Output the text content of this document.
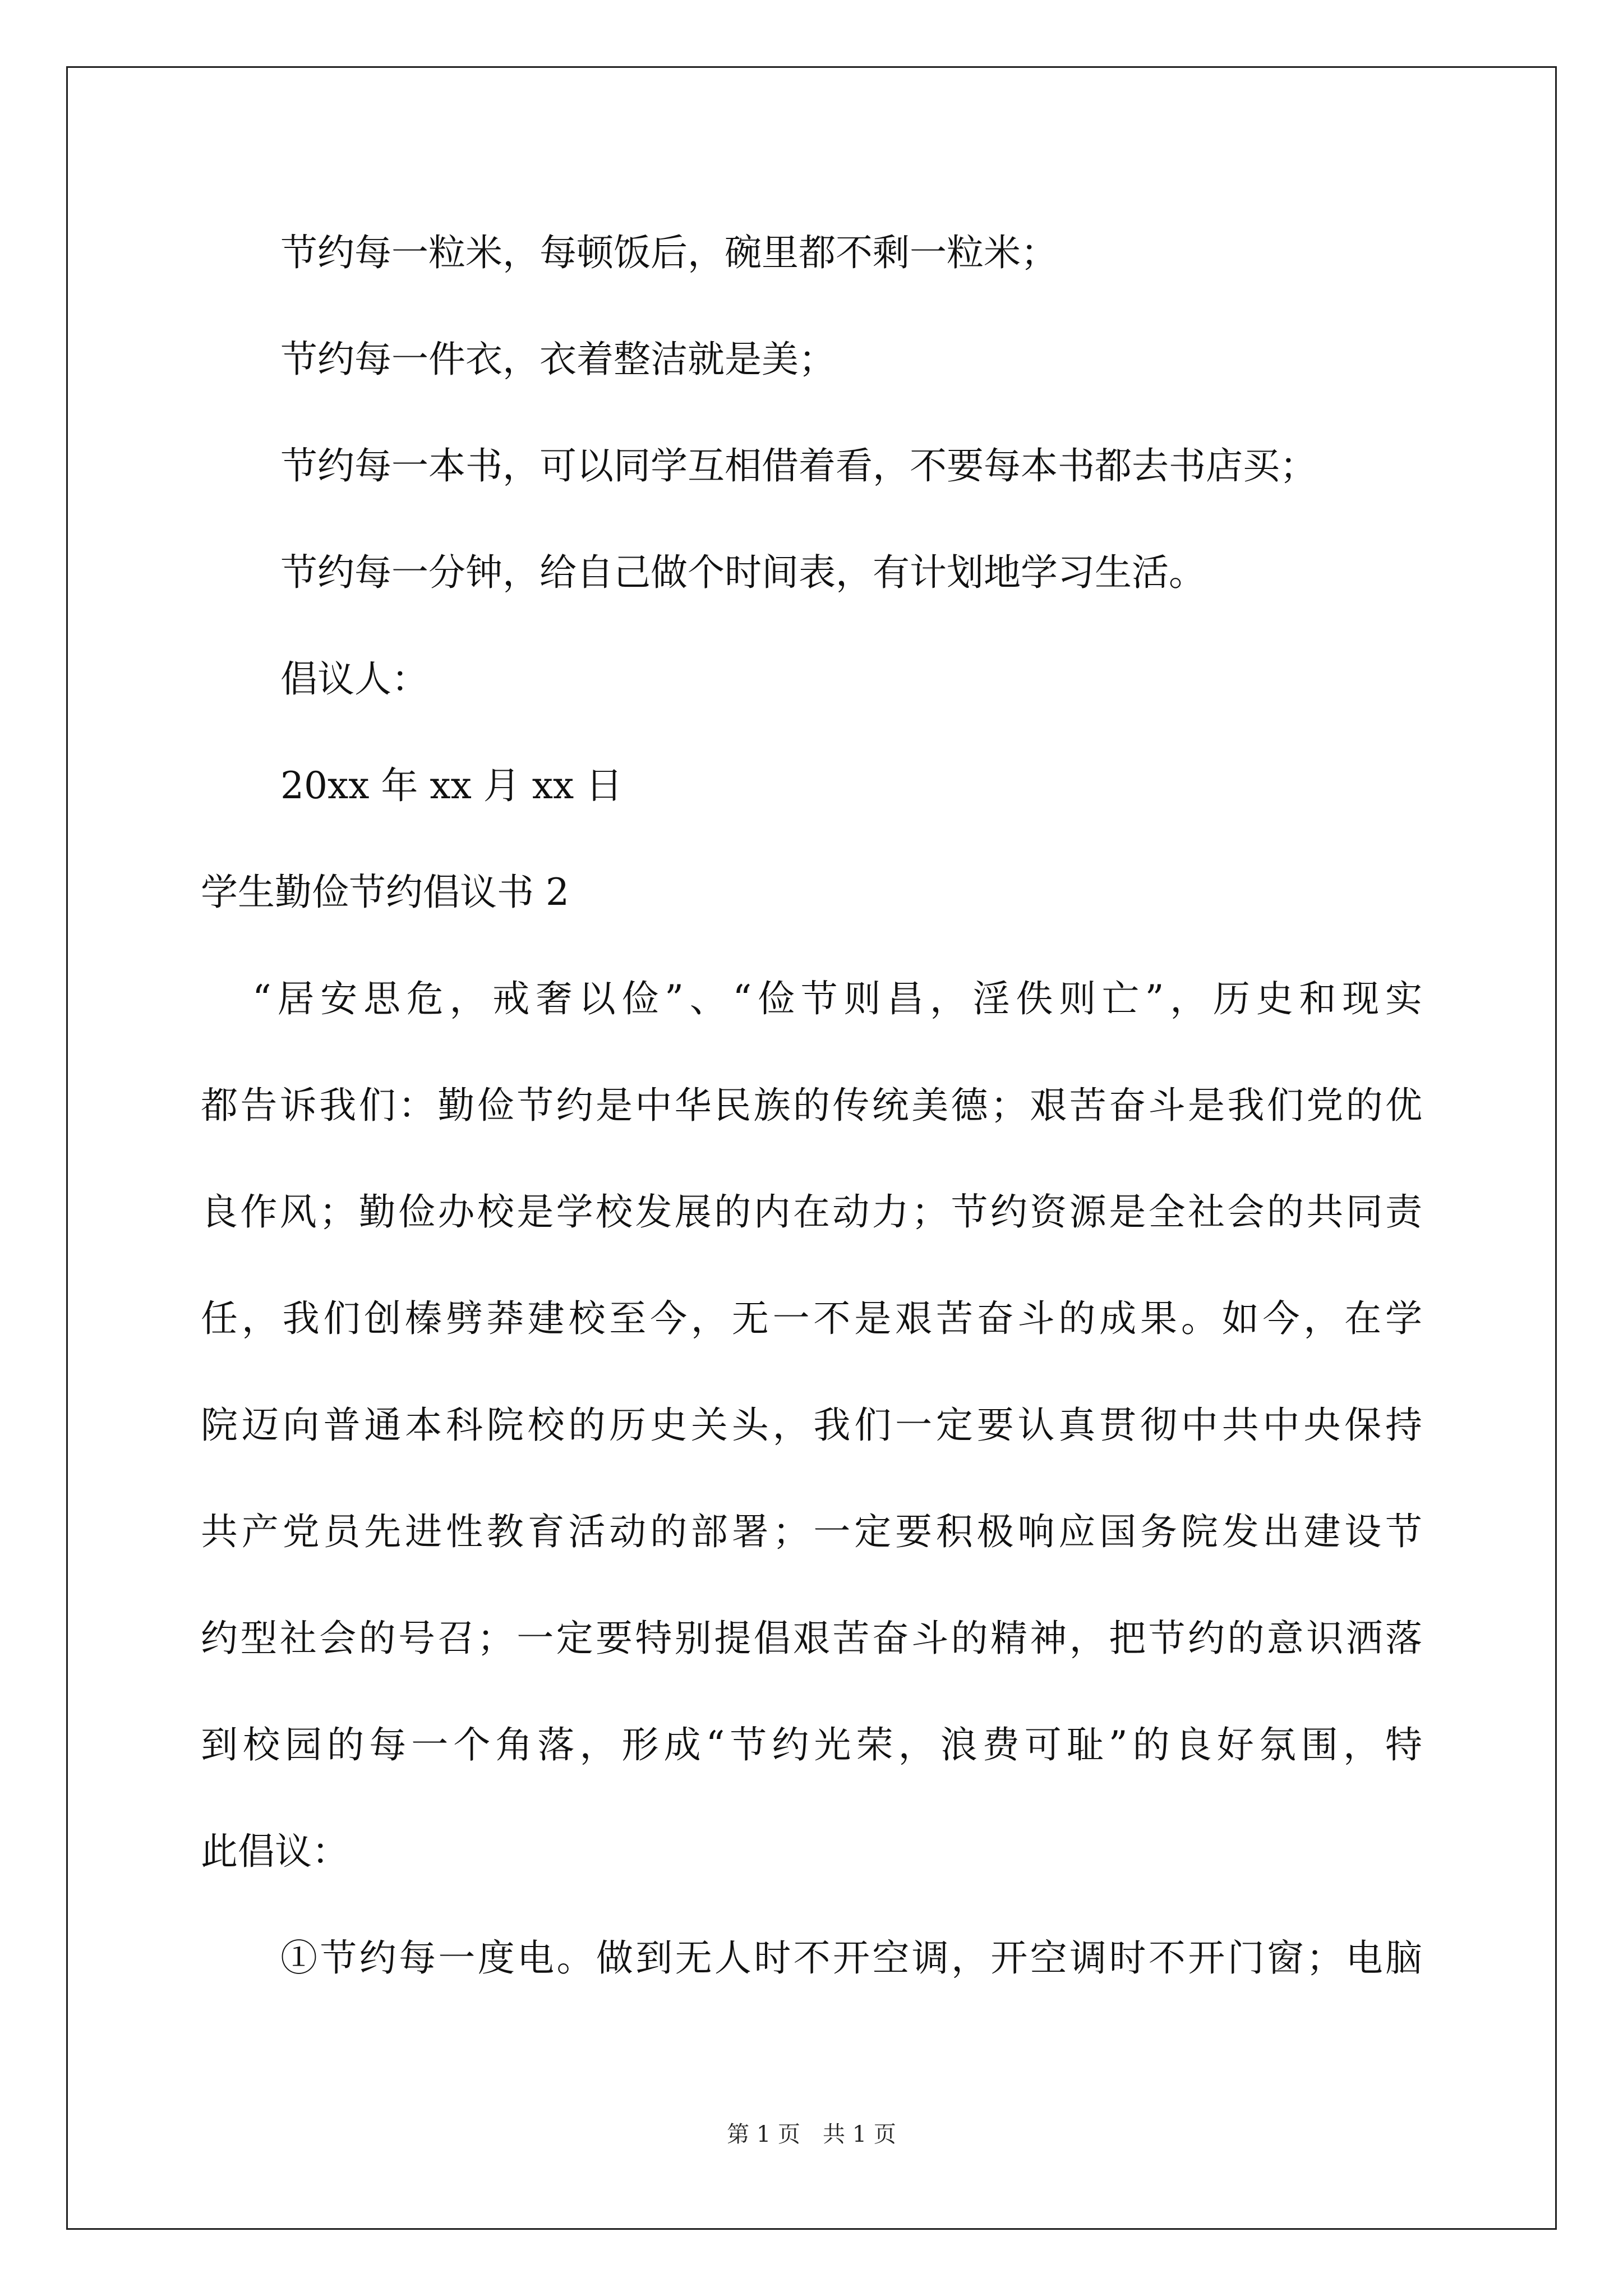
节约每一粒米，每顿饭后，碗里都不剩一粒米；
节约每一件衣，衣着整洁就是美；
节约每一本书，可以同学互相借着看，不要每本书都去书店买；
节约每一分钟，给自己做个时间表，有计划地学习生活。
倡议人：
20xx 年 xx 月 xx 日
学生勤俭节约倡议书 2
“居安思危，戒奢以俭”、“俭节则昌，淫佚则亡”，历史和现实
都告诉我们：勤俭节约是中华民族的传统美德；艰苦奋斗是我们党的优
良作风；勤俭办校是学校发展的内在动力；节约资源是全社会的共同责
任，我们创榛劈莽建校至今，无一不是艰苦奋斗的成果。如今，在学
院迈向普通本科院校的历史关头，我们一定要认真贯彻中共中央保持
共产党员先进性教育活动的部署；一定要积极响应国务院发出建设节
约型社会的号召；一定要特别提倡艰苦奋斗的精神，把节约的意识洒落
到校园的每一个角落，形成“节约光荣，浪费可耻”的良好氛围，特
此倡议：
①节约每一度电。做到无人时不开空调，开空调时不开门窗；电脑
第 1 页　共 1 页
